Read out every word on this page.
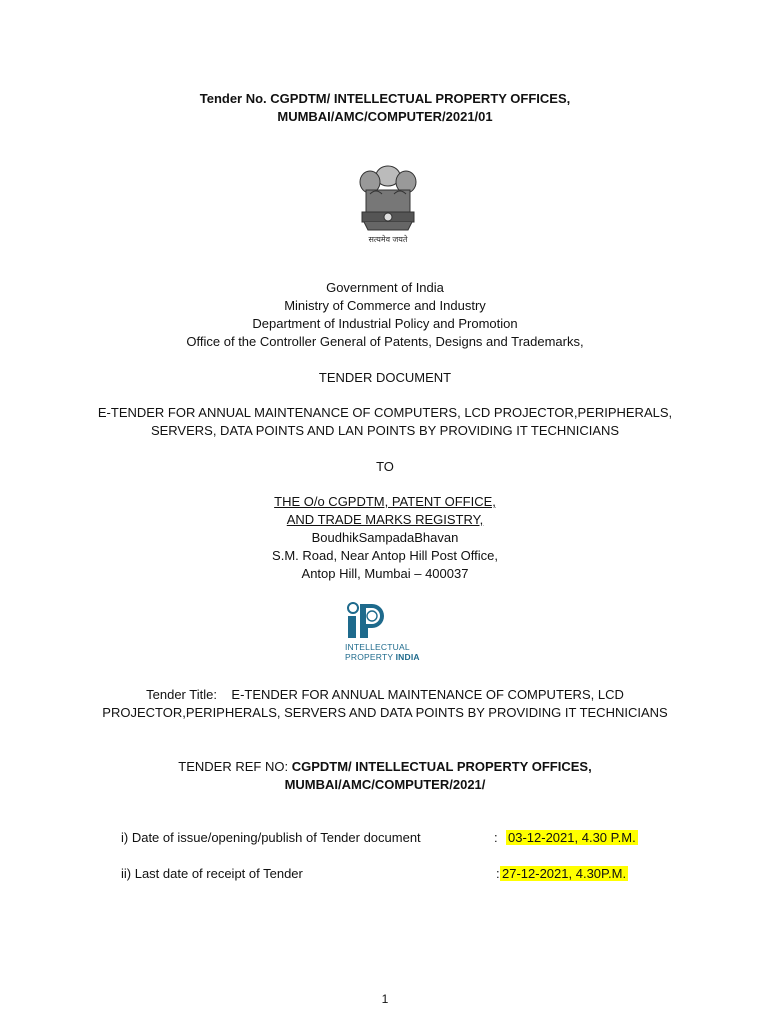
Tender No. CGPDTM/ INTELLECTUAL PROPERTY OFFICES,
MUMBAI/AMC/COMPUTER/2021/01
सत्यमेव जयते
Government of India
Ministry of Commerce and Industry
Department of Industrial Policy and Promotion
Office of the Controller General of Patents, Designs and Trademarks,
TENDER DOCUMENT
E-TENDER FOR ANNUAL MAINTENANCE OF COMPUTERS, LCD PROJECTOR,PERIPHERALS,
SERVERS, DATA POINTS AND LAN POINTS BY PROVIDING IT TECHNICIANS
TO
THE O/o CGPDTM, PATENT OFFICE,
AND TRADE MARKS REGISTRY,
BoudhikSampadaBhavan
S.M. Road, Near Antop Hill Post Office,
Antop Hill, Mumbai – 400037
INTELLECTUAL
PROPERTY INDIA
Tender Title: E-TENDER FOR ANNUAL MAINTENANCE OF COMPUTERS, LCD
PROJECTOR,PERIPHERALS, SERVERS AND DATA POINTS BY PROVIDING IT TECHNICIANS
TENDER REF NO: CGPDTM/ INTELLECTUAL PROPERTY OFFICES,
MUMBAI/AMC/COMPUTER/2021/
i) Date of issue/opening/publish of Tender document	: 03-12-2021, 4.30 P.M.
ii) Last date of receipt of Tender	: 27-12-2021, 4.30P.M.
1
